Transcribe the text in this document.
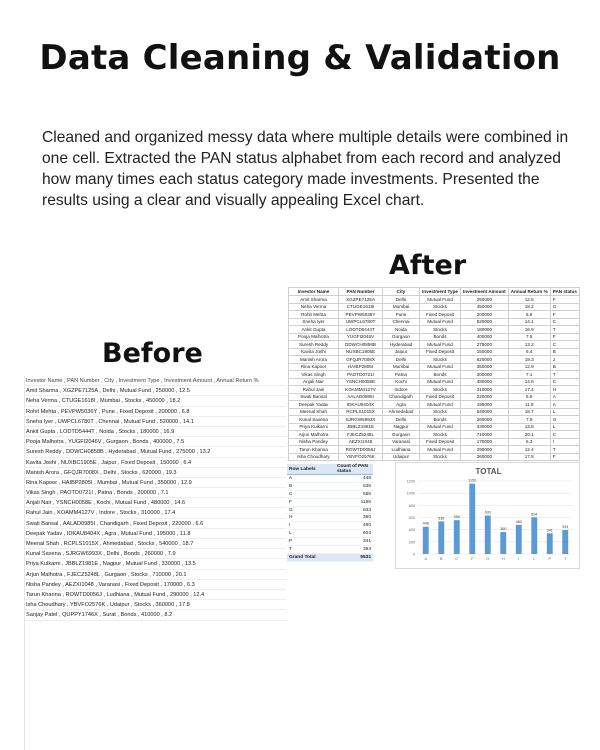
Data Cleaning & Validation
Cleaned and organized messy data where multiple details were combined in one cell. Extracted the PAN status alphabet from each record and analyzed how many times each status category made investments. Presented the results using a clear and visually appealing Excel chart.
After
Before
Investor Name , PAN Number , City , Investment Type , Investment Amount , Annual Return %
Amit Sharma , XGZPE7125A , Delhi , Mutual Fund , 250000 , 12.5
Neha Verma , CTUGE1618I , Mumbai , Stocks , 450000 , 18.2
Rohit Mehta , PEVPW5036Y , Pune , Fixed Deposit , 200000 , 6.8
Sneha Iyer , UWPCL6780T , Chennai , Mutual Fund , 520000 , 14.1
Ankit Gupta , LODTD5444T , Noida , Stocks , 180000 , 16.9
Pooja Malhotra , YUGFI2046V , Gurgaon , Bonds , 400000 , 7.5
Suresh Reddy , DDWCH0858B , Hyderabad , Mutual Fund , 275000 , 13.2
Kavita Joshi , NUXBC1905E , Jaipur , Fixed Deposit , 150000 , 6.4
Manish Arora , GFQJR7008X , Delhi , Stocks , 620000 , 19.3
Rina Kapoor , HAIBP2805I , Mumbai , Mutual Fund , 350000 , 12.9
Vikas Singh , PAOTD0721I , Patna , Bonds , 200000 , 7.1
Anjali Nair , YSNCH0058E , Kochi , Mutual Fund , 480000 , 14.6
Rahul Jain , KOAMM4127V , Indore , Stocks , 310000 , 17.4
Swati Bansal , AALAD0985I , Chandigarh , Fixed Deposit , 220000 , 6.6
Deepak Yadav , IDKAU8404X , Agra , Mutual Fund , 195000 , 11.8
Meenal Shah , RCPLS1015X , Ahmedabad , Stocks , 540000 , 18.7
Kunal Saxena , SJRGW6993X , Delhi , Bonds , 260000 , 7.9
Priya Kulkarni , JBBLZ1981E , Nagpur , Mutual Fund , 330000 , 13.5
Arjun Malhotra , FJECZ5248L , Gurgaon , Stocks , 710000 , 20.1
Nisha Pandey , AEZXI1048 , Varanasi , Fixed Deposit , 170000 , 6.3
Tarun Khanna , ROWTD0056J , Ludhiana , Mutual Fund , 290000 , 12.4
Isha Choudhary , YBVFO2576K , Udaipur , Stocks , 360000 , 17.8
Sanjay Patel , QUPPY1746X , Surat , Bonds , 410000 , 8.2
Investor Name	PAN Number	City	Investment Type	Investment Amount	Annual Return %	PAN status
Amit Sharma	XGZPE7125A	Delhi	Mutual Fund	250000	12.5	F
Neha Verma	CTUGE1618I	Mumbai	Stocks	450000	18.2	G
Rohit Mehta	PEVPW5036Y	Pune	Fixed Deposit	200000	6.8	F
Sneha Iyer	UWPCL6780T	Chennai	Mutual Fund	520000	14.1	C
Ankit Gupta	LODTD5444T	Noida	Stocks	180000	16.9	T
Pooja Malhotra	YUGFI2046V	Gurgaon	Bonds	400000	7.5	F
Suresh Reddy	DDWCH0858B	Hyderabad	Mutual Fund	275000	13.2	C
Kavita Joshi	NUXBC1905E	Jaipur	Fixed Deposit	150000	6.4	B
Manish Arora	GFQJR7008X	Delhi	Stocks	620000	19.3	J
Rina Kapoor	HAIBP2805I	Mumbai	Mutual Fund	350000	12.9	B
Vikas Singh	PAOTD0721I	Patna	Bonds	200000	7.1	T
Anjali Nair	YSNCH0058E	Kochi	Mutual Fund	480000	14.6	C
Rahul Jain	KOAMM4127V	Indore	Stocks	310000	17.4	H
Swati Bansal	AALAD0985I	Chandigarh	Fixed Deposit	220000	6.6	A
Deepak Yadav	IDKAU8404X	Agra	Mutual Fund	195000	11.8	A
Meenal Shah	RCPLS1015X	Ahmedabad	Stocks	540000	18.7	L
Kunal Saxena	SJRGW6993X	Delhi	Bonds	260000	7.9	G
Priya Kulkarni	JBBLZ1981E	Nagpur	Mutual Fund	330000	13.5	L
Arjun Malhotra	FJECZ5248L	Gurgaon	Stocks	710000	20.1	C
Nisha Pandey	AEZXI1048	Varanasi	Fixed Deposit	170000	6.3	I
Tarun Khanna	ROWTD0056J	Ludhiana	Mutual Fund	290000	12.4	T
Isha Choudhary	YBVFO2576K	Udaipur	Stocks	360000	17.8	F
Row Labels	Count of PAN status
A	448
B	536
C	556
F	1156
G	633
H	360
I	480
L	604
P	341
T	394
Grand Total	5531
0
200
400
600
800
1000
1200
448
A
536
B
556
C
1156
F
633
G
360
H
480
I
604
L
341
P
394
T
TOTAL
